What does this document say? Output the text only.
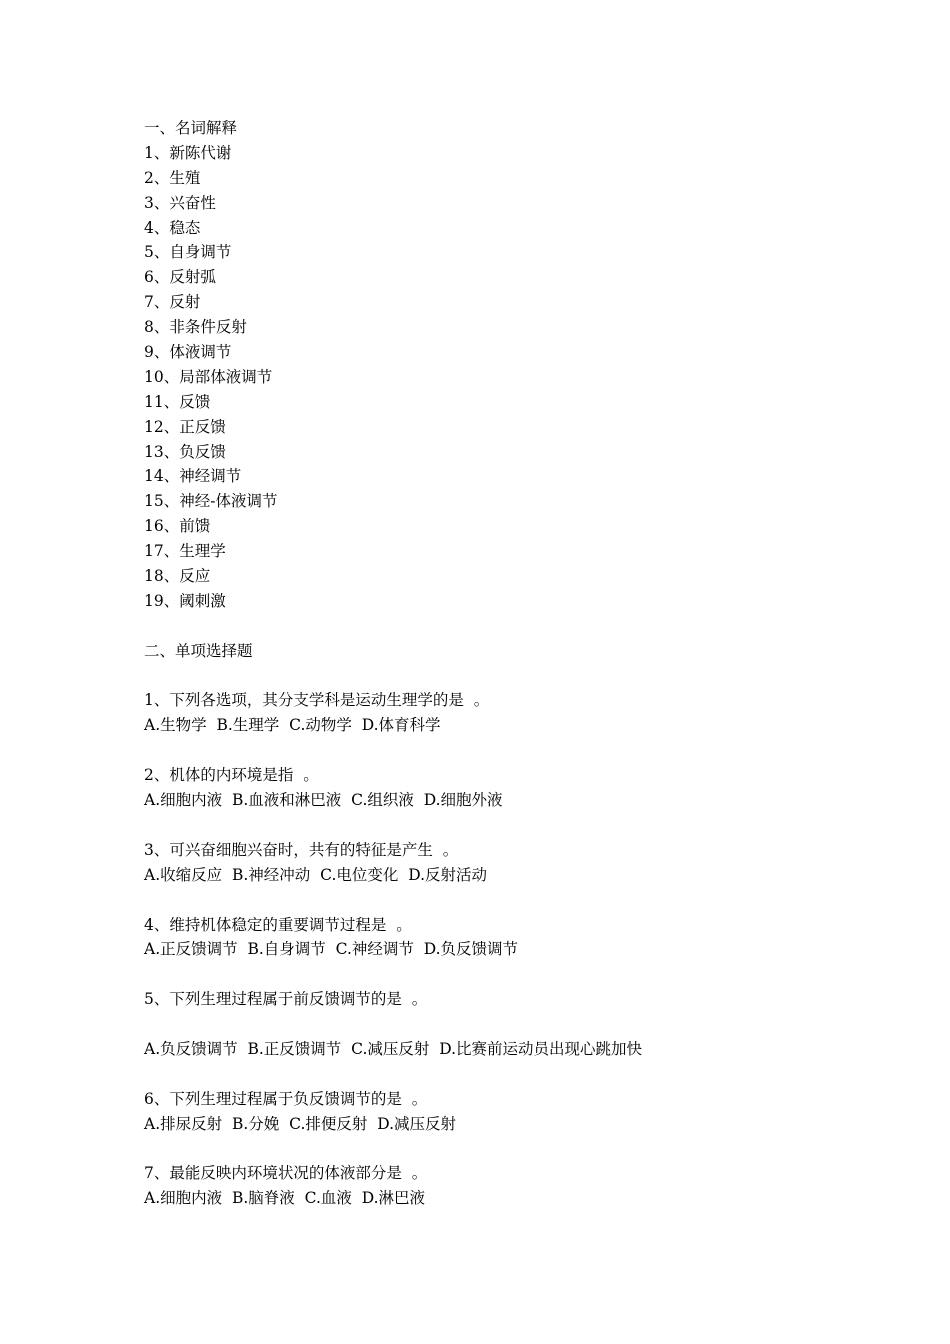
一、名词解释
1、新陈代谢
2、生殖
3、兴奋性
4、稳态
5、自身调节
6、反射弧
7、反射
8、非条件反射
9、体液调节
10、局部体液调节
11、反馈
12、正反馈
13、负反馈
14、神经调节
15、神经-体液调节
16、前馈
17、生理学
18、反应
19、阈刺激
二、单项选择题
1、下列各选项，其分支学科是运动生理学的是  。
A.生物学  B.生理学  C.动物学  D.体育科学
2、机体的内环境是指  。
A.细胞内液  B.血液和淋巴液  C.组织液  D.细胞外液
3、可兴奋细胞兴奋时，共有的特征是产生  。
A.收缩反应  B.神经冲动  C.电位变化  D.反射活动
4、维持机体稳定的重要调节过程是  。
A.正反馈调节  B.自身调节  C.神经调节  D.负反馈调节
5、下列生理过程属于前反馈调节的是  。
A.负反馈调节  B.正反馈调节  C.减压反射  D.比赛前运动员出现心跳加快
6、下列生理过程属于负反馈调节的是  。
A.排尿反射  B.分娩  C.排便反射  D.减压反射
7、最能反映内环境状况的体液部分是  。
A.细胞内液  B.脑脊液  C.血液  D.淋巴液
